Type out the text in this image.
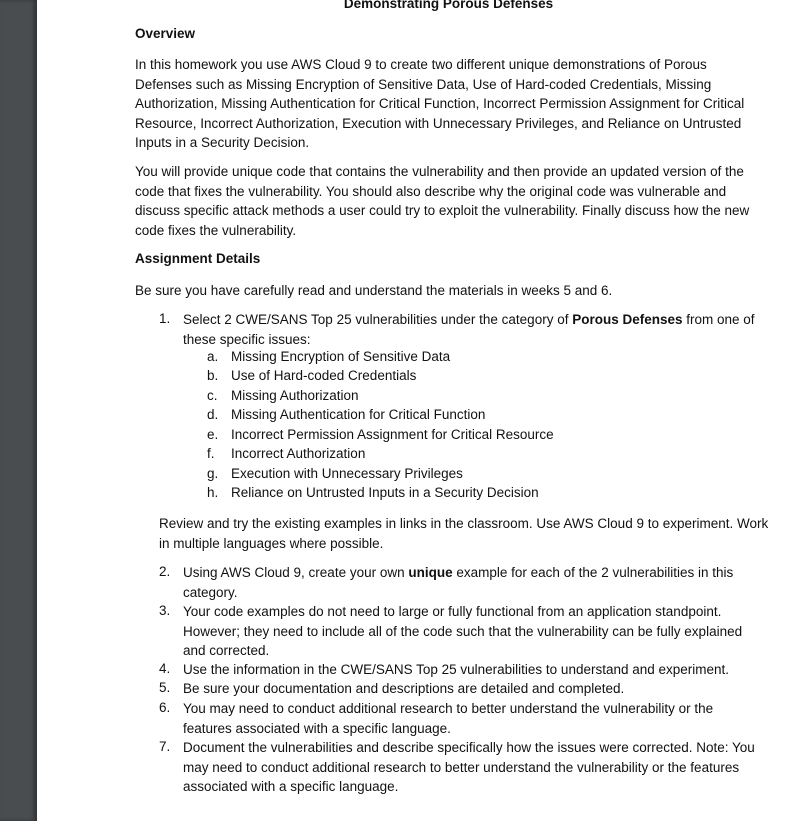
Demonstrating Porous Defenses
Overview
In this homework you use AWS Cloud 9 to create two different unique demonstrations of Porous Defenses such as Missing Encryption of Sensitive Data, Use of Hard-coded Credentials, Missing Authorization, Missing Authentication for Critical Function, Incorrect Permission Assignment for Critical Resource, Incorrect Authorization, Execution with Unnecessary Privileges, and Reliance on Untrusted Inputs in a Security Decision.
You will provide unique code that contains the vulnerability and then provide an updated version of the code that fixes the vulnerability. You should also describe why the original code was vulnerable and discuss specific attack methods a user could try to exploit the vulnerability. Finally discuss how the new code fixes the vulnerability.
Assignment Details
Be sure you have carefully read and understand the materials in weeks 5 and 6.
1. Select 2 CWE/SANS Top 25 vulnerabilities under the category of Porous Defenses from one of
these specific issues:
a. Missing Encryption of Sensitive Data
b. Use of Hard-coded Credentials
c. Missing Authorization
d. Missing Authentication for Critical Function
e. Incorrect Permission Assignment for Critical Resource
f. Incorrect Authorization
g. Execution with Unnecessary Privileges
h. Reliance on Untrusted Inputs in a Security Decision
Review and try the existing examples in links in the classroom. Use AWS Cloud 9 to experiment. Work in multiple languages where possible.
2. Using AWS Cloud 9, create your own unique example for each of the 2 vulnerabilities in this category.
3. Your code examples do not need to large or fully functional from an application standpoint. However; they need to include all of the code such that the vulnerability can be fully explained and corrected.
4. Use the information in the CWE/SANS Top 25 vulnerabilities to understand and experiment.
5. Be sure your documentation and descriptions are detailed and completed.
6. You may need to conduct additional research to better understand the vulnerability or the features associated with a specific language.
7. Document the vulnerabilities and describe specifically how the issues were corrected. Note: You may need to conduct additional research to better understand the vulnerability or the features associated with a specific language.
